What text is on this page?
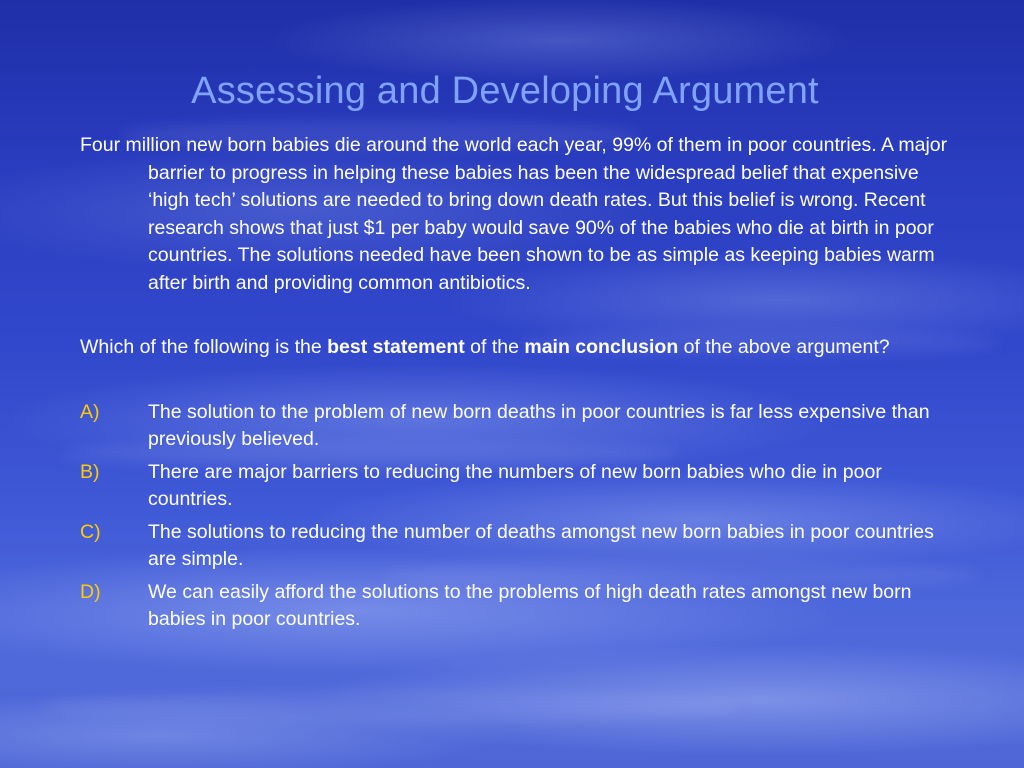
Assessing and Developing Argument

Four million new born babies die around the world each year, 99% of them in poor countries. A major barrier to progress in helping these babies has been the widespread belief that expensive ‘high tech’ solutions are needed to bring down death rates. But this belief is wrong. Recent research shows that just $1 per baby would save 90% of the babies who die at birth in poor countries. The solutions needed have been shown to be as simple as keeping babies warm after birth and providing common antibiotics.

Which of the following is the best statement of the main conclusion of the above argument?

A) The solution to the problem of new born deaths in poor countries is far less expensive than previously believed.

B) There are major barriers to reducing the numbers of new born babies who die in poor countries.

C) The solutions to reducing the number of deaths amongst new born babies in poor countries are simple.

D) We can easily afford the solutions to the problems of high death rates amongst new born babies in poor countries.
